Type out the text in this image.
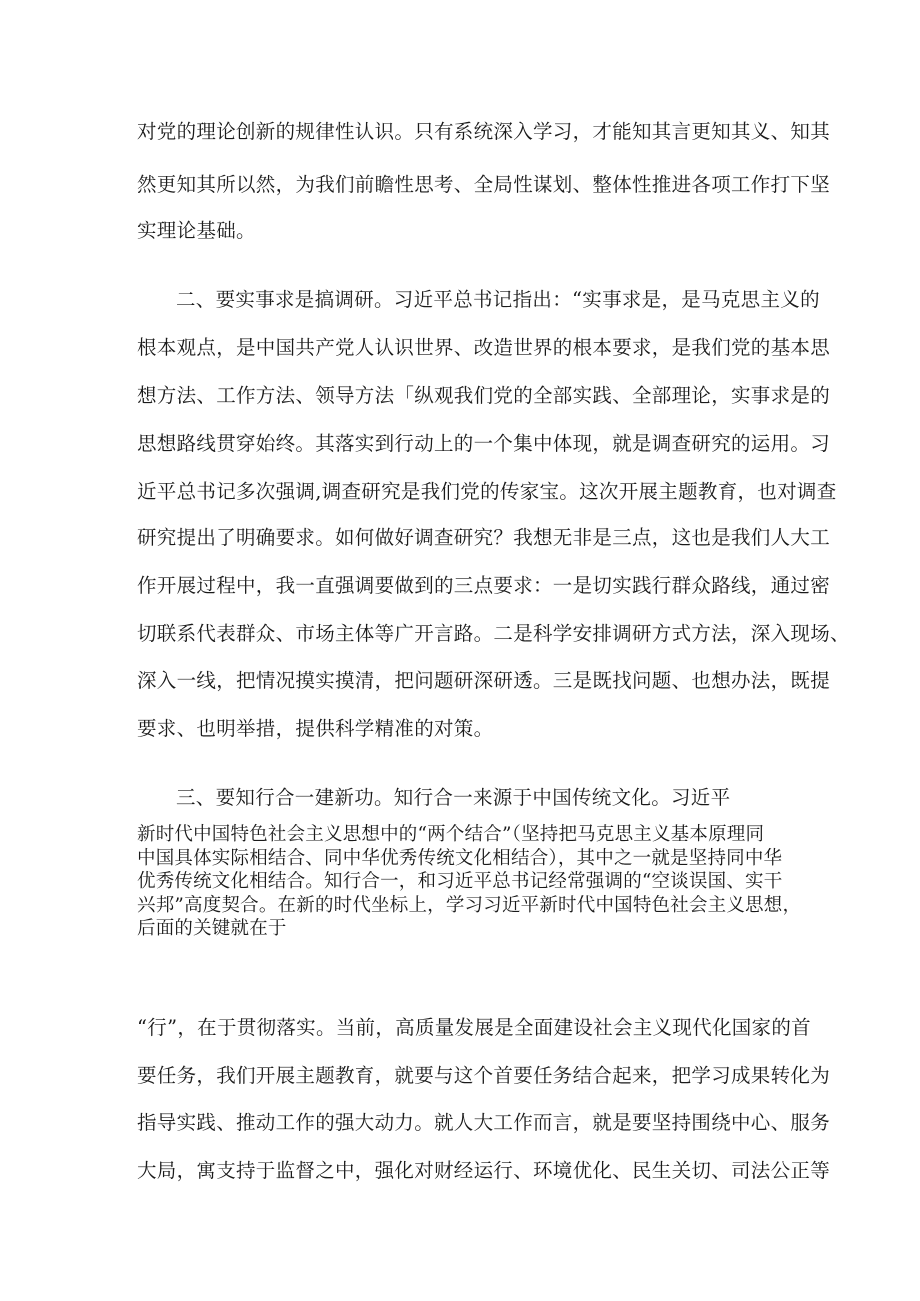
对党的理论创新的规律性认识。只有系统深入学习，才能知其言更知其义、知其
然更知其所以然，为我们前瞻性思考、全局性谋划、整体性推进各项工作打下坚
实理论基础。
二、要实事求是搞调研。习近平总书记指出：“实事求是，是马克思主义的
根本观点，是中国共产党人认识世界、改造世界的根本要求，是我们党的基本思
想方法、工作方法、领导方法「纵观我们党的全部实践、全部理论，实事求是的
思想路线贯穿始终。其落实到行动上的一个集中体现，就是调查研究的运用。习
近平总书记多次强调,调查研究是我们党的传家宝。这次开展主题教育，也对调查
研究提出了明确要求。如何做好调查研究？我想无非是三点，这也是我们人大工
作开展过程中，我一直强调要做到的三点要求：一是切实践行群众路线，通过密
切联系代表群众、市场主体等广开言路。二是科学安排调研方式方法，深入现场、
深入一线，把情况摸实摸清，把问题研深研透。三是既找问题、也想办法，既提
要求、也明举措，提供科学精准的对策。
三、要知行合一建新功。知行合一来源于中国传统文化。习近平
新时代中国特色社会主义思想中的“两个结合”（坚持把马克思主义基本原理同
中国具体实际相结合、同中华优秀传统文化相结合），其中之一就是坚持同中华
优秀传统文化相结合。知行合一，和习近平总书记经常强调的“空谈误国、实干
兴邦”高度契合。在新的时代坐标上，学习习近平新时代中国特色社会主义思想，
后面的关键就在于
“行”，在于贯彻落实。当前，高质量发展是全面建设社会主义现代化国家的首
要任务，我们开展主题教育，就要与这个首要任务结合起来，把学习成果转化为
指导实践、推动工作的强大动力。就人大工作而言，就是要坚持围绕中心、服务
大局，寓支持于监督之中，强化对财经运行、环境优化、民生关切、司法公正等
